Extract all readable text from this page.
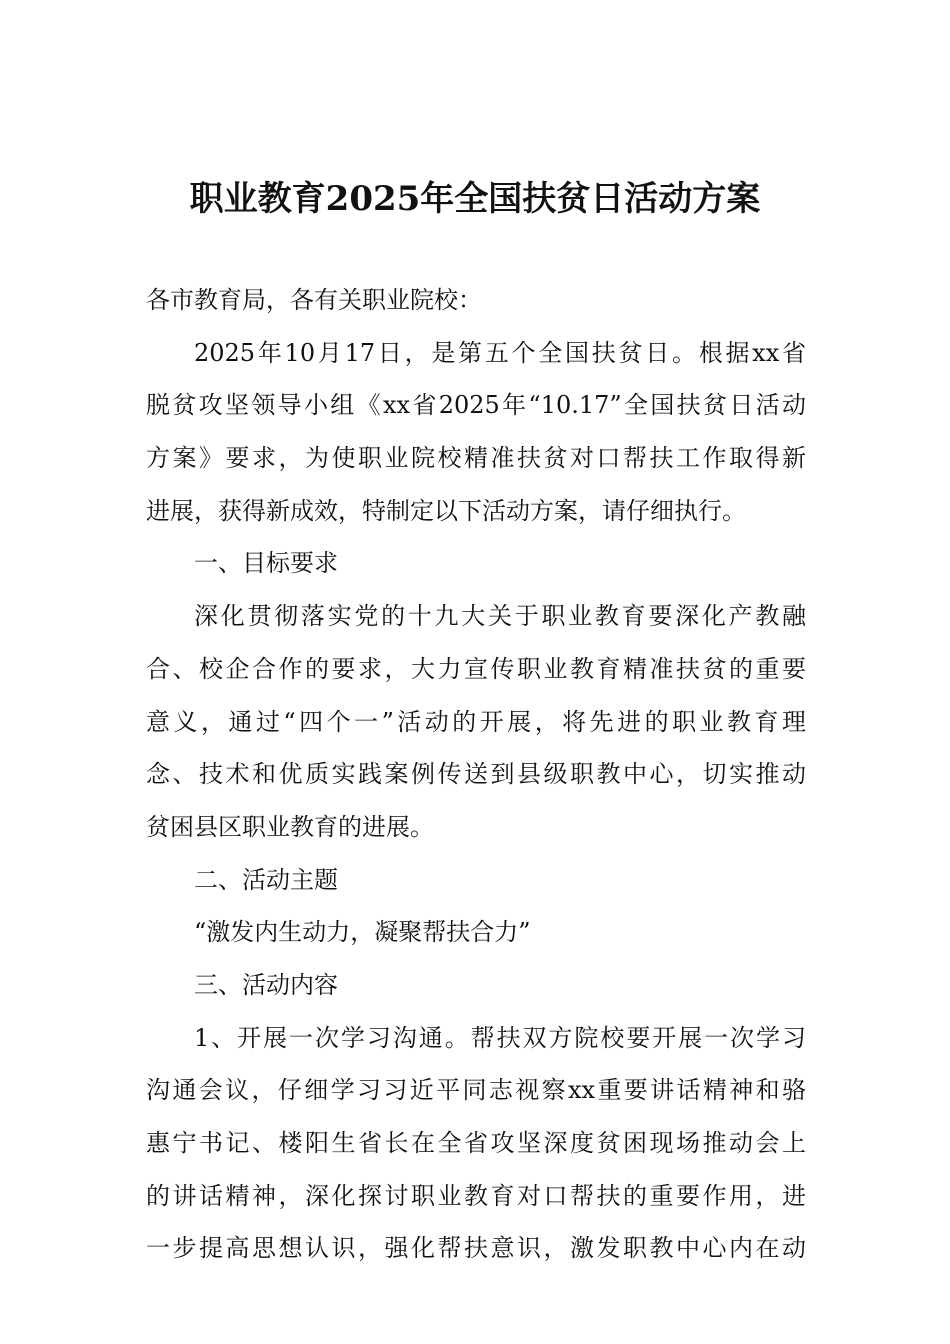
职业教育2025年全国扶贫日活动方案
各市教育局，各有关职业院校：
2025年10月17日，是第五个全国扶贫日。根据xx省
脱贫攻坚领导小组《xx省2025年“10.17”全国扶贫日活动
方案》要求，为使职业院校精准扶贫对口帮扶工作取得新
进展，获得新成效，特制定以下活动方案，请仔细执行。
一、目标要求
深化贯彻落实党的十九大关于职业教育要深化产教融
合、校企合作的要求，大力宣传职业教育精准扶贫的重要
意义，通过“四个一”活动的开展，将先进的职业教育理
念、技术和优质实践案例传送到县级职教中心，切实推动
贫困县区职业教育的进展。
二、活动主题
“激发内生动力，凝聚帮扶合力”
三、活动内容
1、开展一次学习沟通。帮扶双方院校要开展一次学习
沟通会议，仔细学习习近平同志视察xx重要讲话精神和骆
惠宁书记、楼阳生省长在全省攻坚深度贫困现场推动会上
的讲话精神，深化探讨职业教育对口帮扶的重要作用，进
一步提高思想认识，强化帮扶意识，激发职教中心内在动
